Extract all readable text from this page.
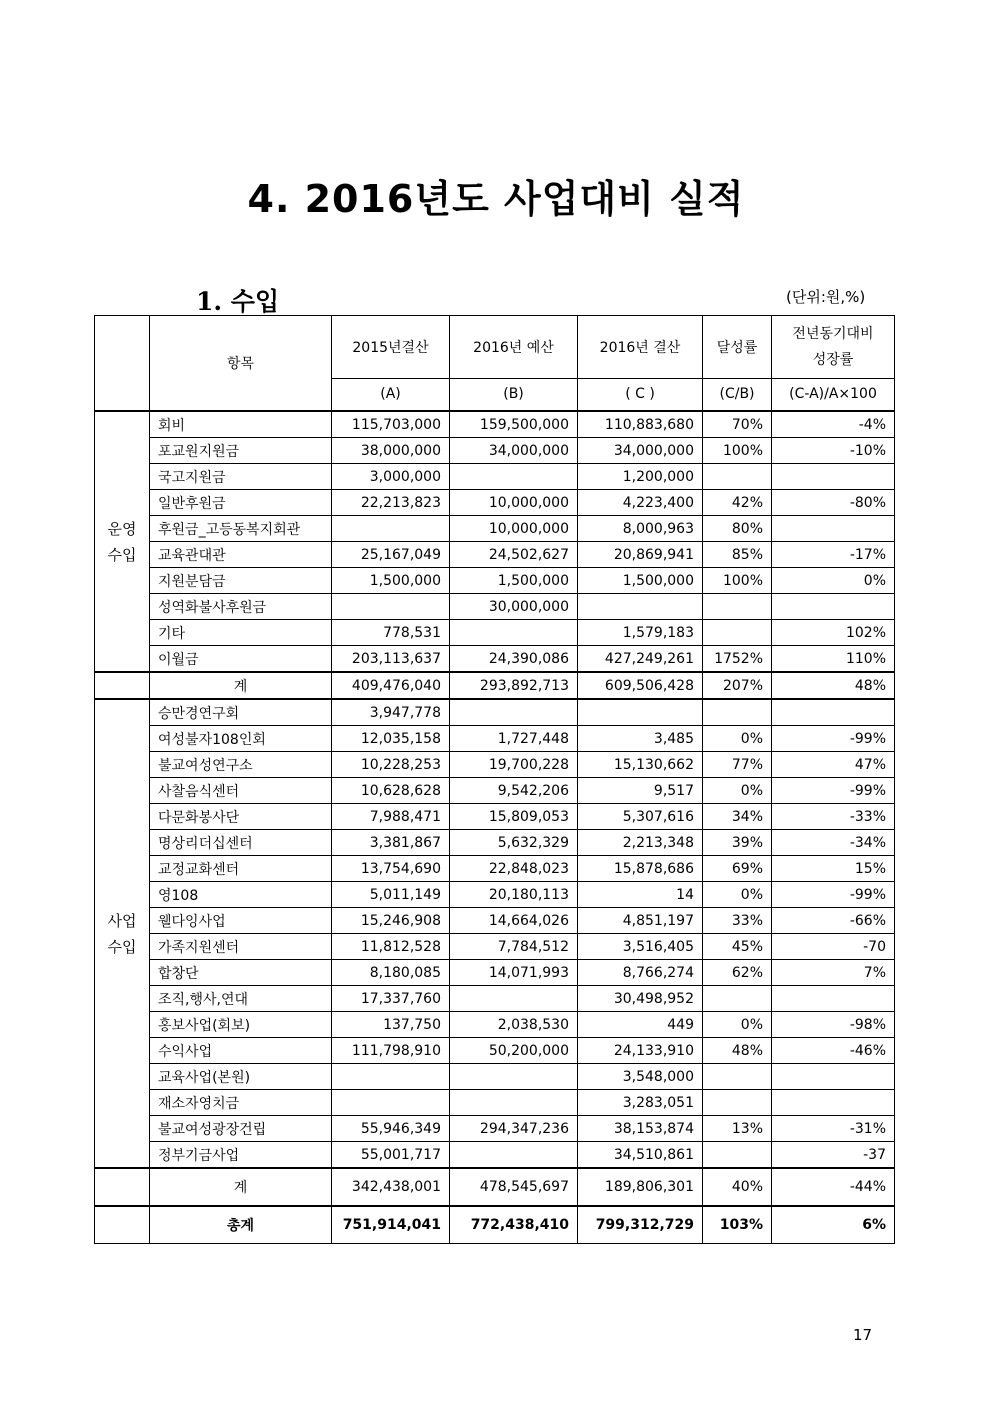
4. 2016년도 사업대비 실적
1. 수입	(단위:원,%)
	항목	2015년결산	2016년 예산	2016년 결산	달성률	전년동기대비
성장률

		(A)	(B)	( C )	(C/B)	(C-A)/A×100

운영
수입	회비	115,703,000	159,500,000	110,883,680	70%	-4%
	포교원지원금	38,000,000	34,000,000	34,000,000	100%	-10%
	국고지원금	3,000,000		1,200,000		
	일반후원금	22,213,823	10,000,000	4,223,400	42%	-80%
	후원금_고등동복지회관		10,000,000	8,000,963	80%	
	교육관대관	25,167,049	24,502,627	20,869,941	85%	-17%
	지원분담금	1,500,000	1,500,000	1,500,000	100%	0%
	성역화불사후원금		30,000,000			
	기타	778,531		1,579,183		102%
	이월금	203,113,637	24,390,086	427,249,261	1752%	110%
	계	409,476,040	293,892,713	609,506,428	207%	48%

사업
수입	승만경연구회	3,947,778				
	여성불자108인회	12,035,158	1,727,448	3,485	0%	-99%
	불교여성연구소	10,228,253	19,700,228	15,130,662	77%	47%
	사찰음식센터	10,628,628	9,542,206	9,517	0%	-99%
	다문화봉사단	7,988,471	15,809,053	5,307,616	34%	-33%
	명상리더십센터	3,381,867	5,632,329	2,213,348	39%	-34%
	교정교화센터	13,754,690	22,848,023	15,878,686	69%	15%
	영108	5,011,149	20,180,113	14	0%	-99%
	웰다잉사업	15,246,908	14,664,026	4,851,197	33%	-66%
	가족지원센터	11,812,528	7,784,512	3,516,405	45%	-70
	합창단	8,180,085	14,071,993	8,766,274	62%	7%
	조직,행사,연대	17,337,760		30,498,952		
	홍보사업(회보)	137,750	2,038,530	449	0%	-98%
	수익사업	111,798,910	50,200,000	24,133,910	48%	-46%
	교육사업(본원)			3,548,000		
	재소자영치금			3,283,051		
	불교여성광장건립	55,946,349	294,347,236	38,153,874	13%	-31%
	정부기금사업	55,001,717		34,510,861		-37
	계	342,438,001	478,545,697	189,806,301	40%	-44%
	총계	751,914,041	772,438,410	799,312,729	103%	6%
17
